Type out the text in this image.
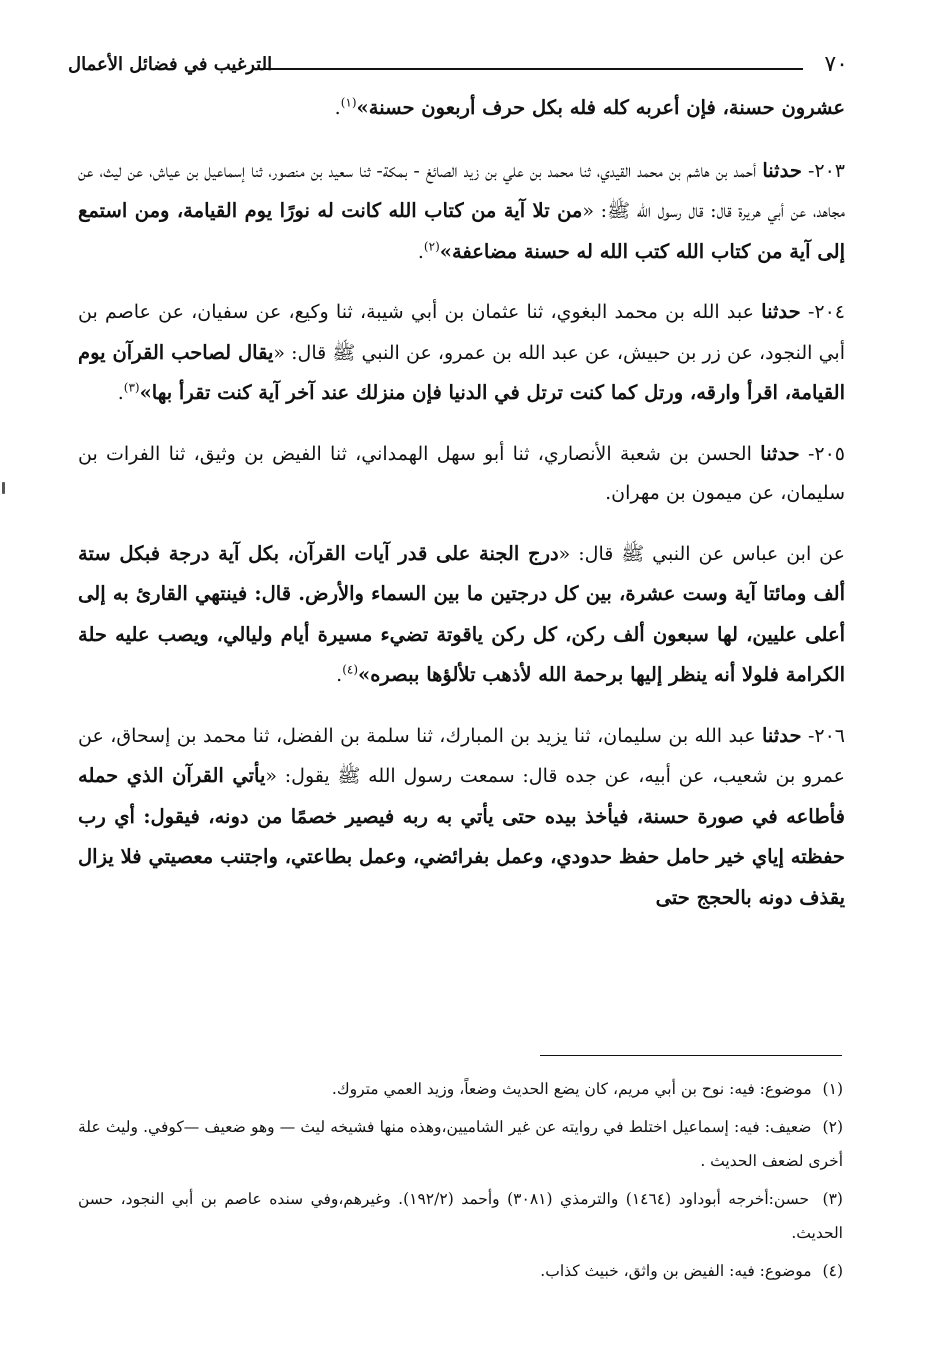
٧٠
الترغيب في فضائل الأعمال

عشرون حسنة، فإن أعربه كله فله بكل حرف أربعون حسنة»$^{(١)}$.

٢٠٣- حدثنا أحمد بن هاشم بن محمد القيدي، ثنا محمد بن علي بن زيد الصائغ - بمكة- ثنا سعيد بن منصور، ثنا إسماعيل بن عياش، عن ليث، عن مجاهد، عن أبي هريرة قال: قال رسول الله ﷺ: «من تلا آية من كتاب الله كانت له نورًا يوم القيامة، ومن استمع إلى آية من كتاب الله كتب الله له حسنة مضاعفة»$^{(٢)}$.

٢٠٤- حدثنا عبد الله بن محمد البغوي، ثنا عثمان بن أبي شيبة، ثنا وكيع، عن سفيان، عن عاصم بن أبي النجود، عن زر بن حبيش، عن عبد الله بن عمرو، عن النبي ﷺ قال: «يقال لصاحب القرآن يوم القيامة، اقرأ وارقه، ورتل كما كنت ترتل في الدنيا فإن منزلك عند آخر آية كنت تقرأ بها»$^{(٣)}$.

٢٠٥- حدثنا الحسن بن شعبة الأنصاري، ثنا أبو سهل الهمداني، ثنا الفيض بن وثيق، ثنا الفرات بن سليمان، عن ميمون بن مهران.

عن ابن عباس عن النبي ﷺ قال: «درج الجنة على قدر آيات القرآن، بكل آية درجة فبكل ستة ألف ومائتا آية وست عشرة، بين كل درجتين ما بين السماء والأرض. قال: فينتهي القارئ به إلى أعلى عليين، لها سبعون ألف ركن، كل ركن ياقوتة تضيء مسيرة أيام وليالي، ويصب عليه حلة الكرامة فلولا أنه ينظر إليها برحمة الله لأذهب تلألؤها ببصره»$^{(٤)}$.

٢٠٦- حدثنا عبد الله بن سليمان، ثنا يزيد بن المبارك، ثنا سلمة بن الفضل، ثنا محمد بن إسحاق، عن عمرو بن شعيب، عن أبيه، عن جده قال: سمعت رسول الله ﷺ يقول: «يأتي القرآن الذي حمله فأطاعه في صورة حسنة، فيأخذ بيده حتى يأتي به ربه فيصير خصمًا من دونه، فيقول: أي رب حفظته إياي خير حامل حفظ حدودي، وعمل بفرائضي، وعمل بطاعتي، واجتنب معصيتي فلا يزال يقذف دونه بالحجج حتى

(١) موضوع: فيه: نوح بن أبي مريم، كان يضع الحديث وضعاً، وزيد العمي متروك.

(٢) ضعيف: فيه: إسماعيل اختلط في روايته عن غير الشاميين،وهذه منها فشيخه ليث — وهو ضعيف —كوفي. وليث علة أخرى لضعف الحديث .

(٣) حسن:أخرجه أبوداود (١٤٦٤) والترمذي (٣٠٨١) وأحمد (١٩٢/٢). وغيرهم،وفي سنده عاصم بن أبي النجود، حسن الحديث.

(٤) موضوع: فيه: الفيض بن واثق، خبيث كذاب.
